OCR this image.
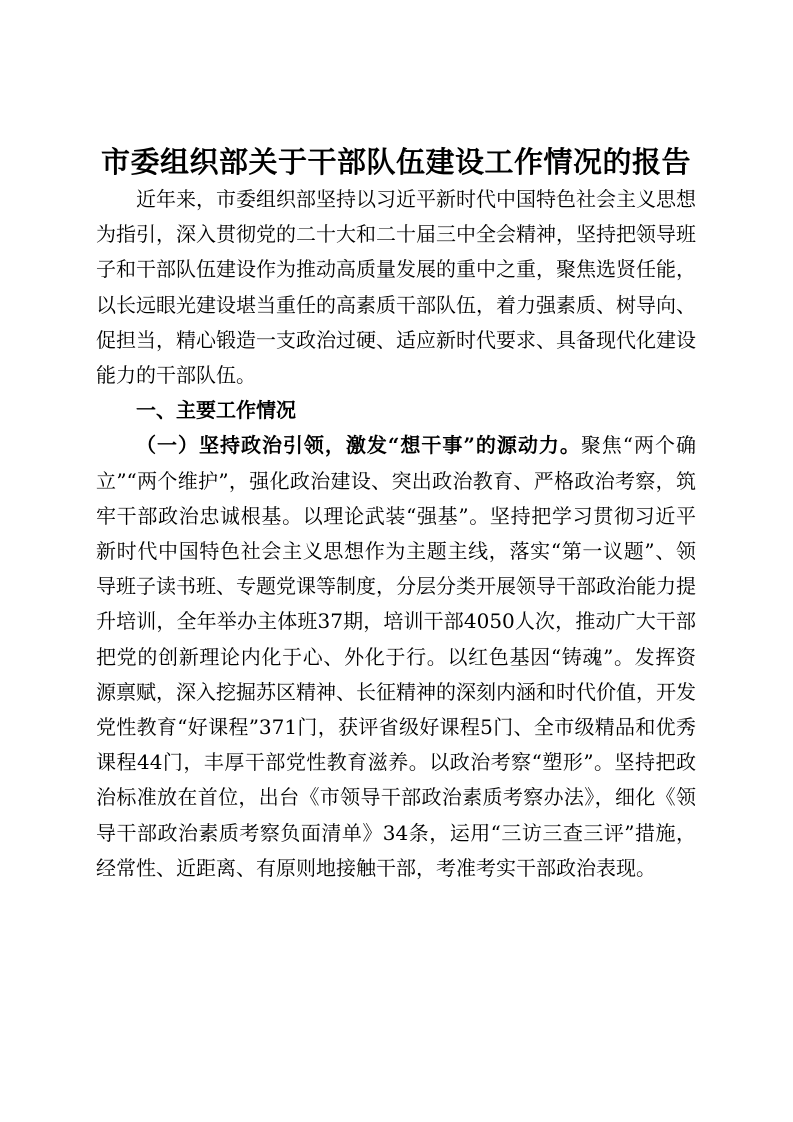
市委组织部关于干部队伍建设工作情况的报告

近年来，市委组织部坚持以习近平新时代中国特色社会主义思想为指引，深入贯彻党的二十大和二十届三中全会精神，坚持把领导班子和干部队伍建设作为推动高质量发展的重中之重，聚焦选贤任能，以长远眼光建设堪当重任的高素质干部队伍，着力强素质、树导向、促担当，精心锻造一支政治过硬、适应新时代要求、具备现代化建设能力的干部队伍。

一、主要工作情况

（一）坚持政治引领，激发“想干事”的源动力。聚焦“两个确立”“两个维护”，强化政治建设、突出政治教育、严格政治考察，筑牢干部政治忠诚根基。以理论武装“强基”。坚持把学习贯彻习近平新时代中国特色社会主义思想作为主题主线，落实“第一议题”、领导班子读书班、专题党课等制度，分层分类开展领导干部政治能力提升培训，全年举办主体班37期，培训干部4050人次，推动广大干部把党的创新理论内化于心、外化于行。以红色基因“铸魂”。发挥资源禀赋，深入挖掘苏区精神、长征精神的深刻内涵和时代价值，开发党性教育“好课程”371门，获评省级好课程5门、全市级精品和优秀课程44门，丰厚干部党性教育滋养。以政治考察“塑形”。坚持把政治标准放在首位，出台《市领导干部政治素质考察办法》，细化《领导干部政治素质考察负面清单》34条，运用“三访三查三评”措施，经常性、近距离、有原则地接触干部，考准考实干部政治表现。
